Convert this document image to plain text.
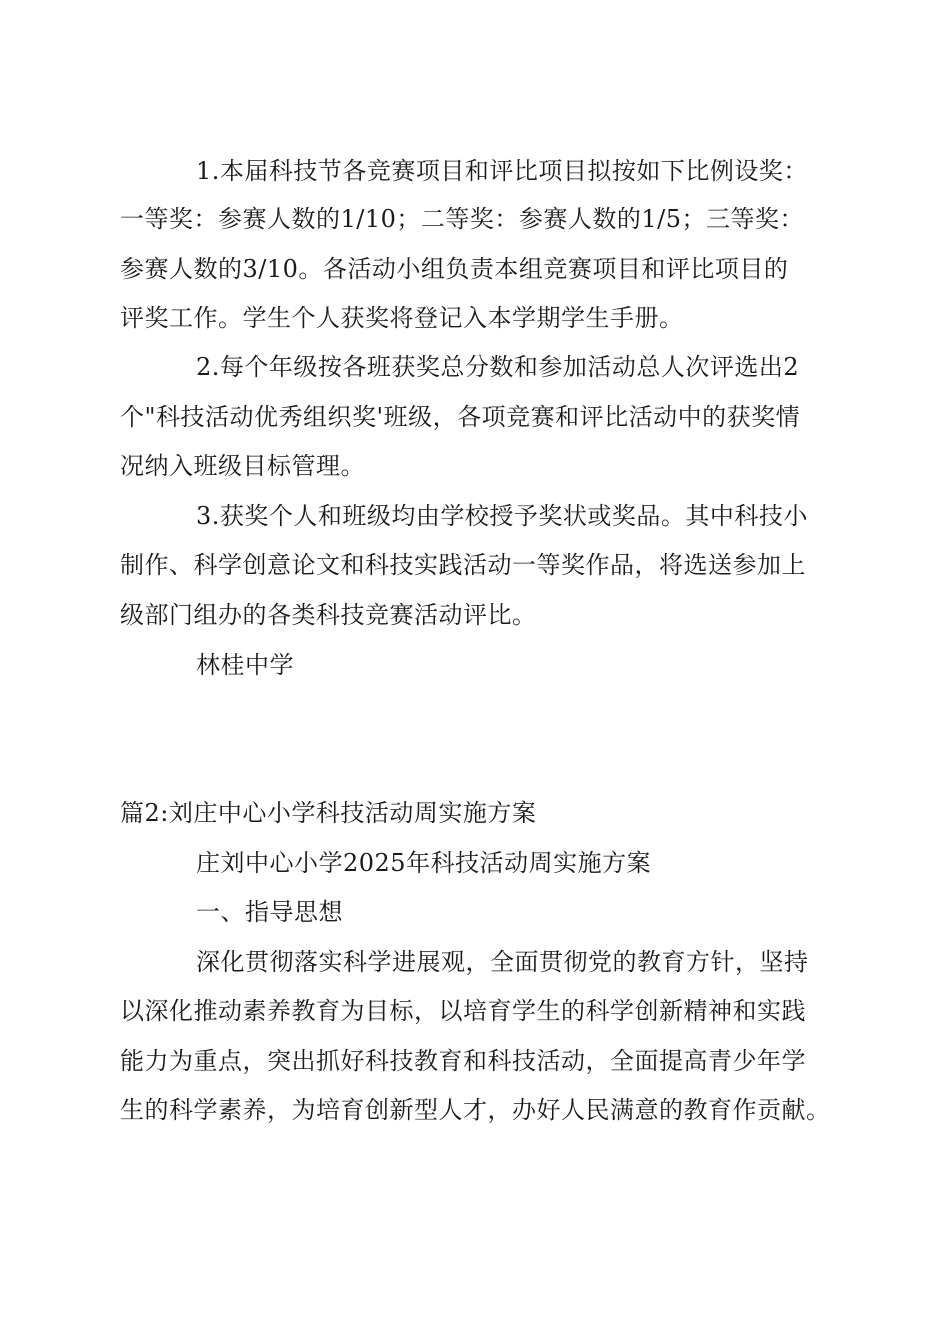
1.本届科技节各竞赛项目和评比项目拟按如下比例设奖：
一等奖：参赛人数的1/10；二等奖：参赛人数的1/5；三等奖：
参赛人数的3/10。各活动小组负责本组竞赛项目和评比项目的
评奖工作。学生个人获奖将登记入本学期学生手册。
2.每个年级按各班获奖总分数和参加活动总人次评选出2
个"科技活动优秀组织奖'班级，各项竞赛和评比活动中的获奖情
况纳入班级目标管理。
3.获奖个人和班级均由学校授予奖状或奖品。其中科技小
制作、科学创意论文和科技实践活动一等奖作品，将选送参加上
级部门组办的各类科技竞赛活动评比。
林桂中学
篇2:刘庄中心小学科技活动周实施方案
庄刘中心小学2025年科技活动周实施方案
一、指导思想
深化贯彻落实科学进展观，全面贯彻党的教育方针，坚持
以深化推动素养教育为目标，以培育学生的科学创新精神和实践
能力为重点，突出抓好科技教育和科技活动，全面提高青少年学
生的科学素养，为培育创新型人才，办好人民满意的教育作贡献。
